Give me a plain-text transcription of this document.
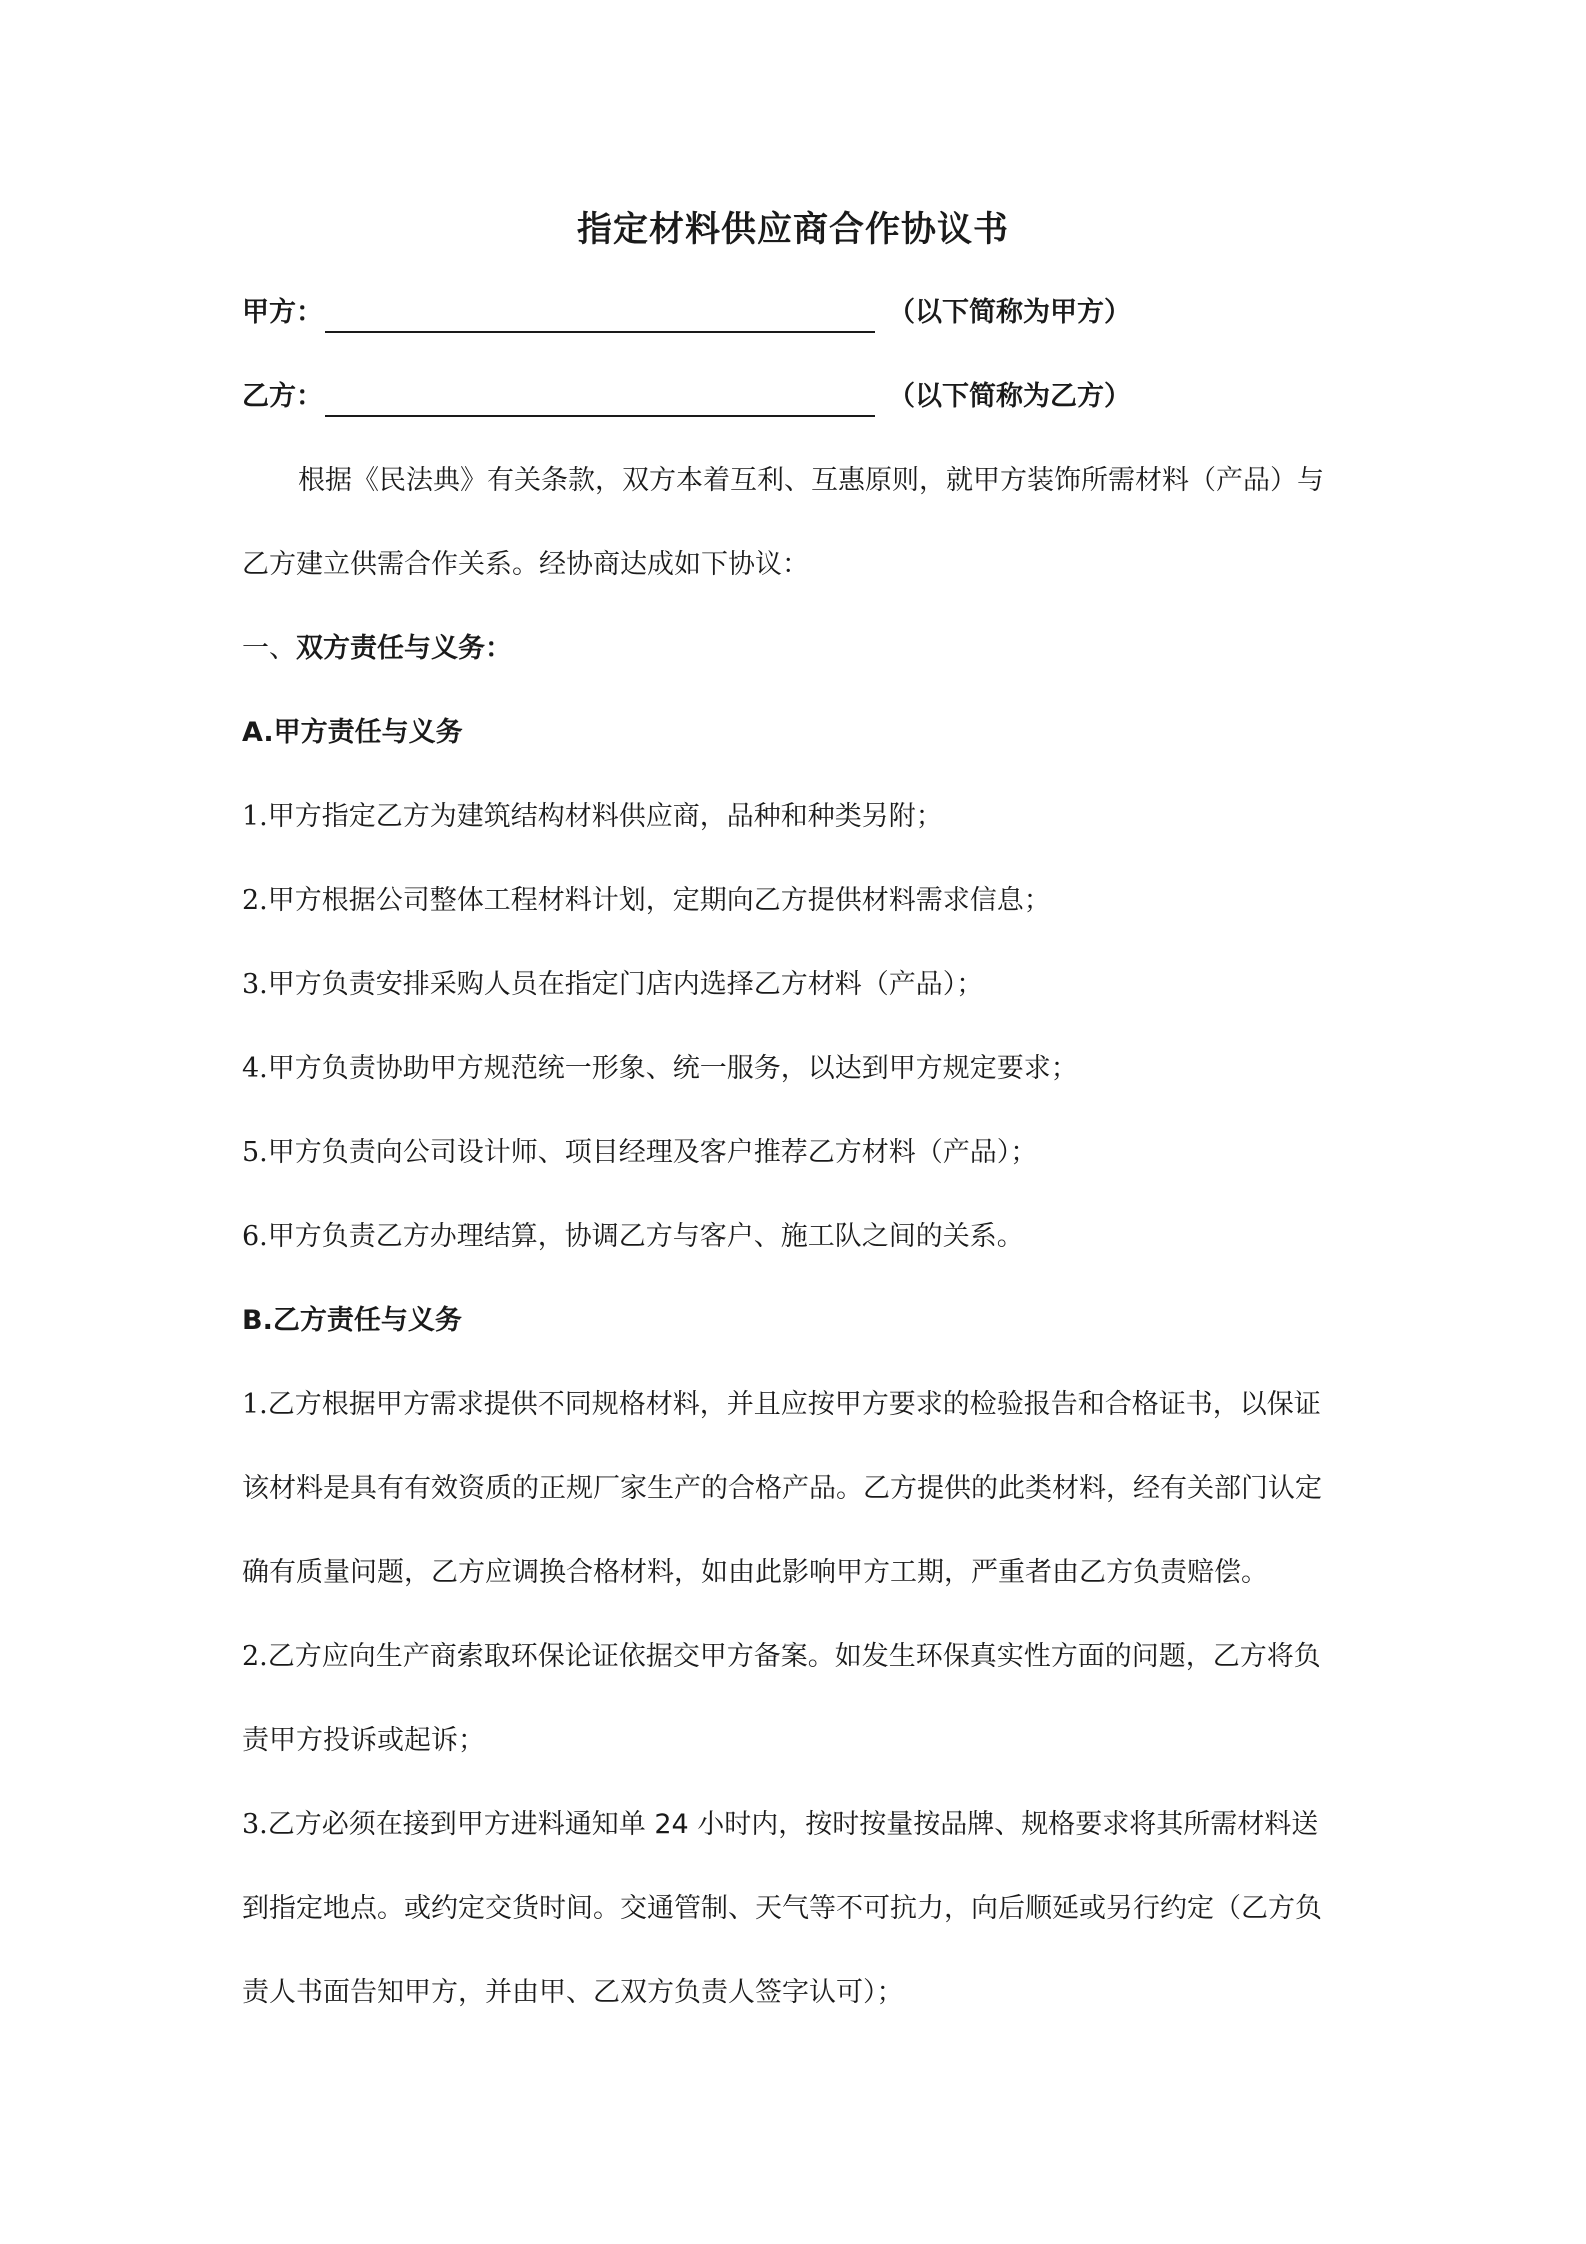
指定材料供应商合作协议书
甲方：	（以下简称为甲方）
乙方：	（以下简称为乙方）
根据《民法典》有关条款，双方本着互利、互惠原则，就甲方装饰所需材料（产品）与
乙方建立供需合作关系。经协商达成如下协议：
一、双方责任与义务：
A.甲方责任与义务
1.甲方指定乙方为建筑结构材料供应商，品种和种类另附；
2.甲方根据公司整体工程材料计划，定期向乙方提供材料需求信息；
3.甲方负责安排采购人员在指定门店内选择乙方材料（产品）；
4.甲方负责协助甲方规范统一形象、统一服务，以达到甲方规定要求；
5.甲方负责向公司设计师、项目经理及客户推荐乙方材料（产品）；
6.甲方负责乙方办理结算，协调乙方与客户、施工队之间的关系。
B.乙方责任与义务
1.乙方根据甲方需求提供不同规格材料，并且应按甲方要求的检验报告和合格证书，以保证
该材料是具有有效资质的正规厂家生产的合格产品。乙方提供的此类材料，经有关部门认定
确有质量问题，乙方应调换合格材料，如由此影响甲方工期，严重者由乙方负责赔偿。
2.乙方应向生产商索取环保论证依据交甲方备案。如发生环保真实性方面的问题，乙方将负
责甲方投诉或起诉；
3.乙方必须在接到甲方进料通知单 24 小时内，按时按量按品牌、规格要求将其所需材料送
到指定地点。或约定交货时间。交通管制、天气等不可抗力，向后顺延或另行约定（乙方负
责人书面告知甲方，并由甲、乙双方负责人签字认可）；
